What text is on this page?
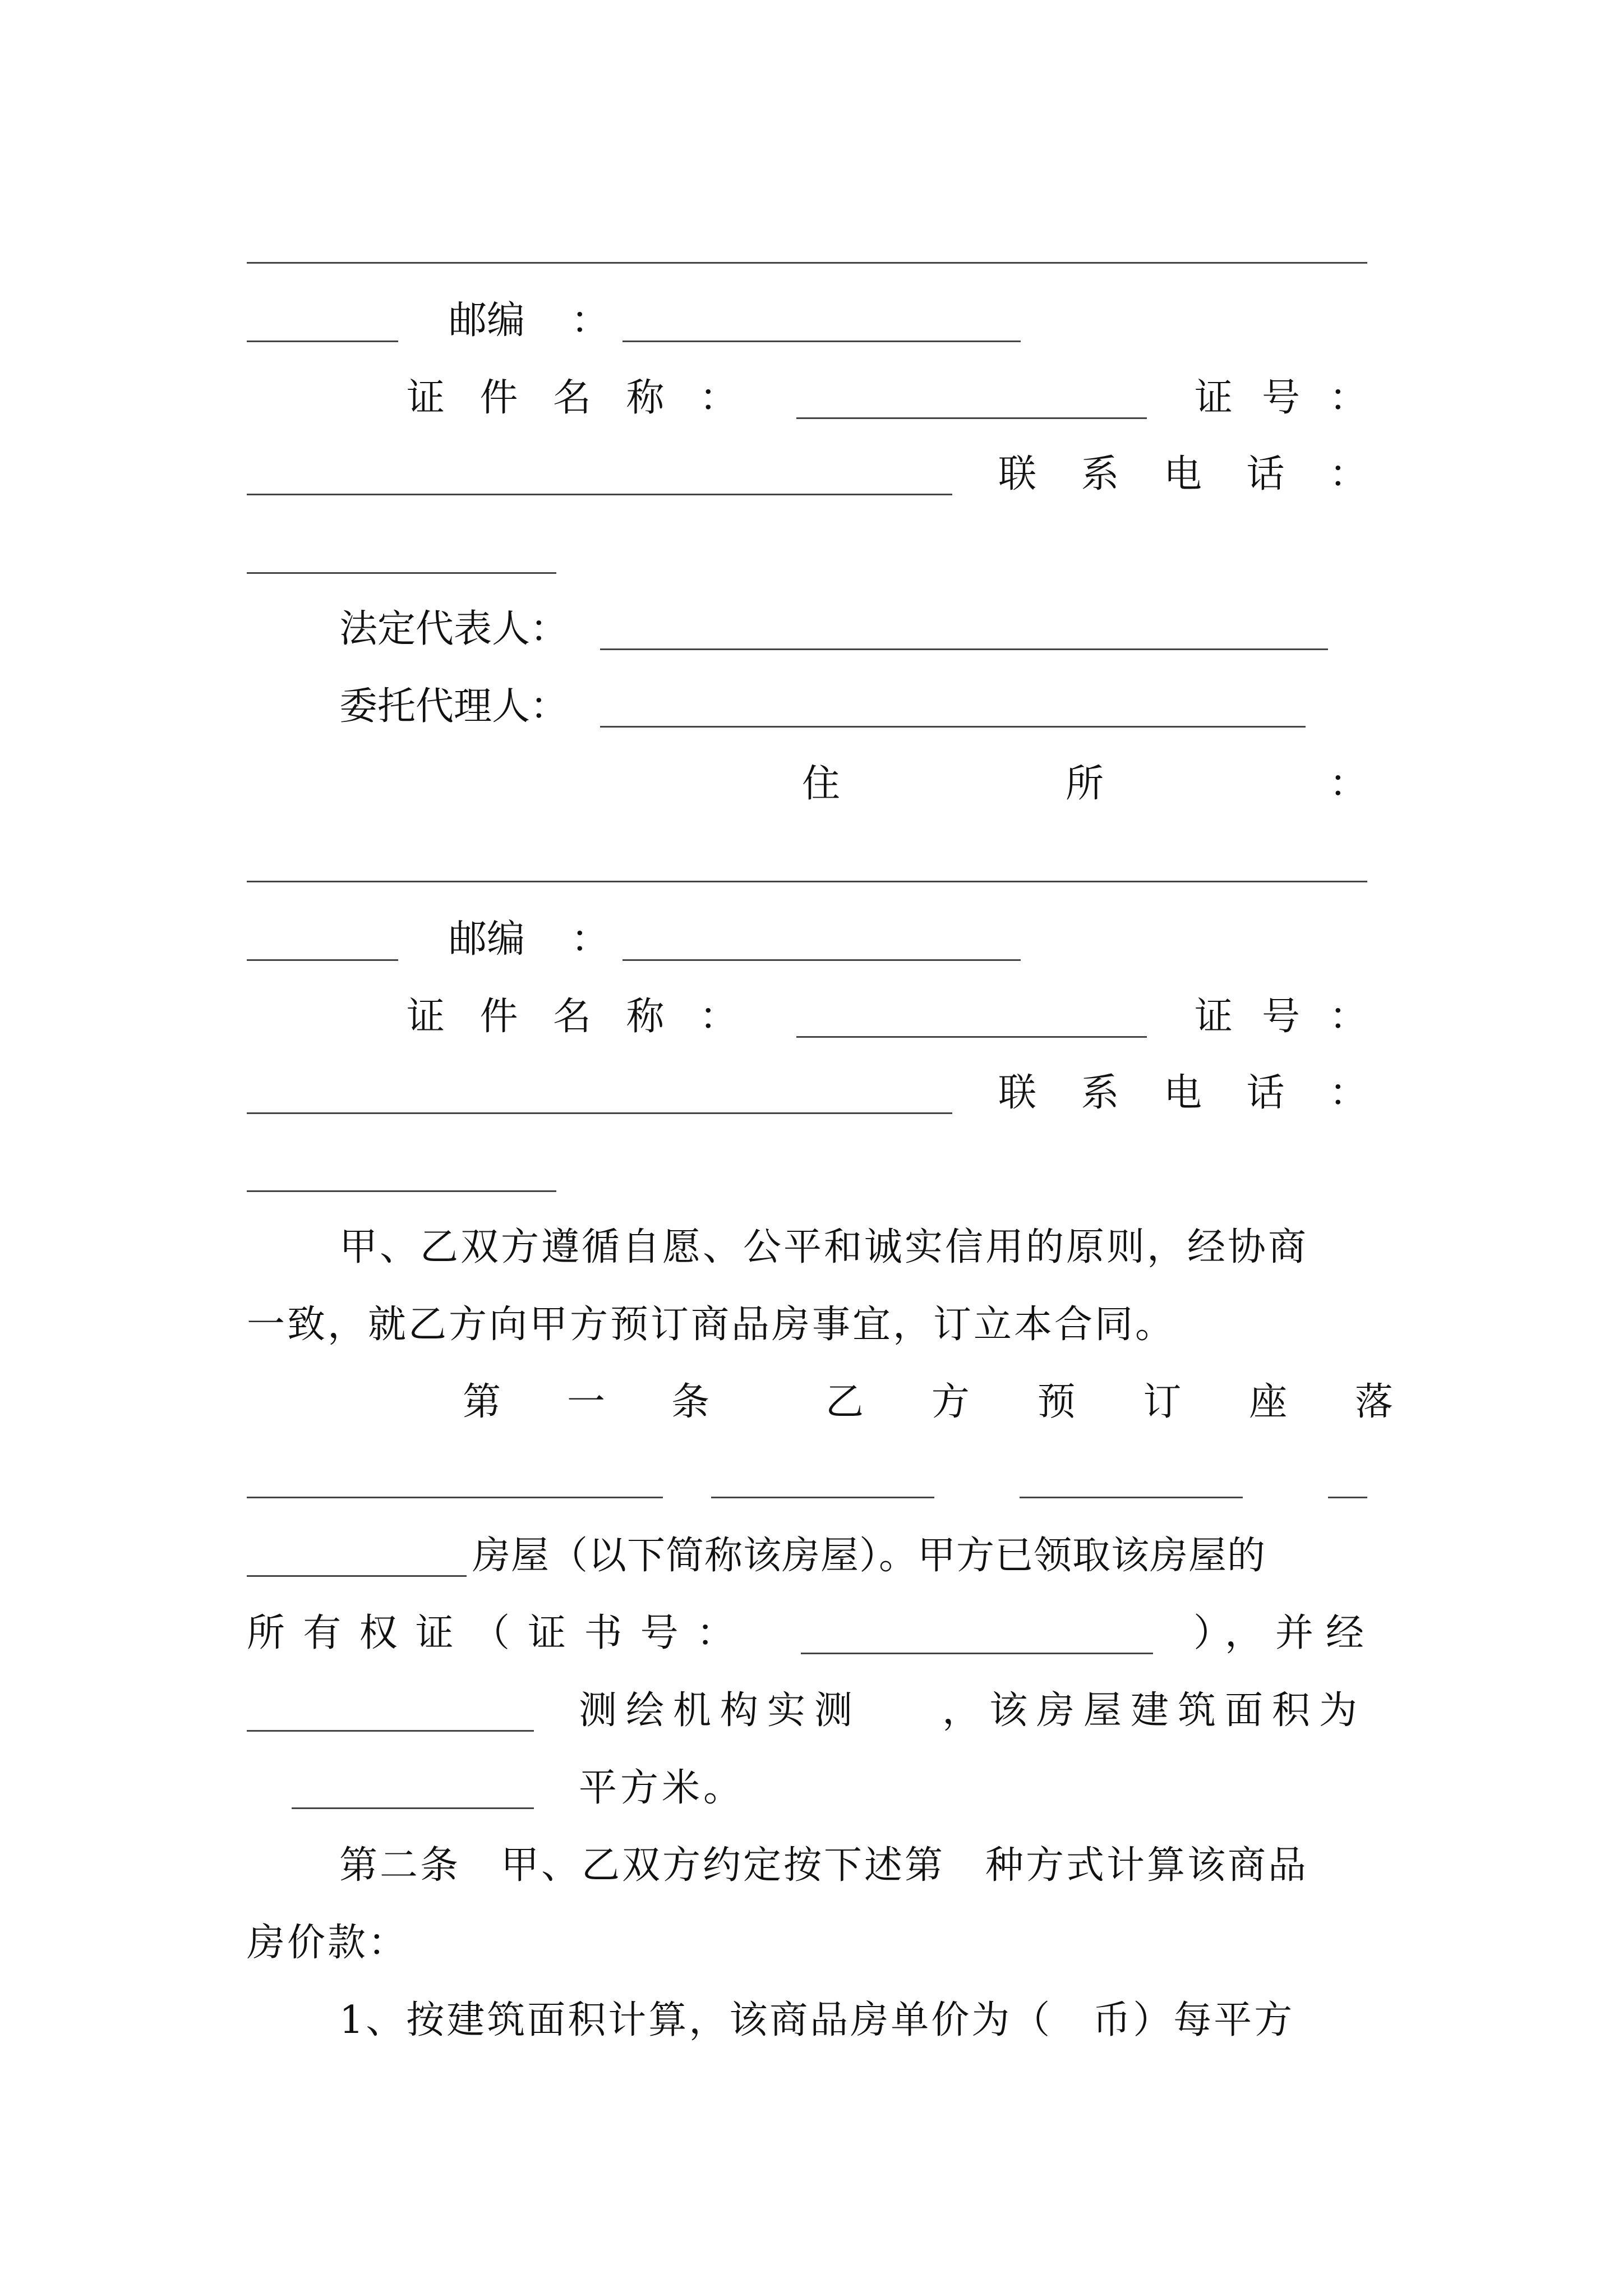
邮编 ：
证 件 名 称 ：	证 号 ：
联 系 电 话 ：
法定代表人：
委托代理人：
住	所	：
邮编 ：
证 件 名 称 ：	证 号 ：
联 系 电 话 ：
甲、乙双方遵循自愿、公平和诚实信用的原则，经协商
一致，就乙方向甲方预订商品房事宜，订立本合同。
第 一 条	乙 方 预 订 座 落
房屋（以下简称该房屋）。甲方已领取该房屋的
所 有 权 证 （ 证 书 号 ：	），并经
测绘机构实测 ，该房屋建筑面积为
平方米。
第二条　甲、乙双方约定按下述第　种方式计算该商品
房价款：
1、按建筑面积计算，该商品房单价为（　币）每平方
